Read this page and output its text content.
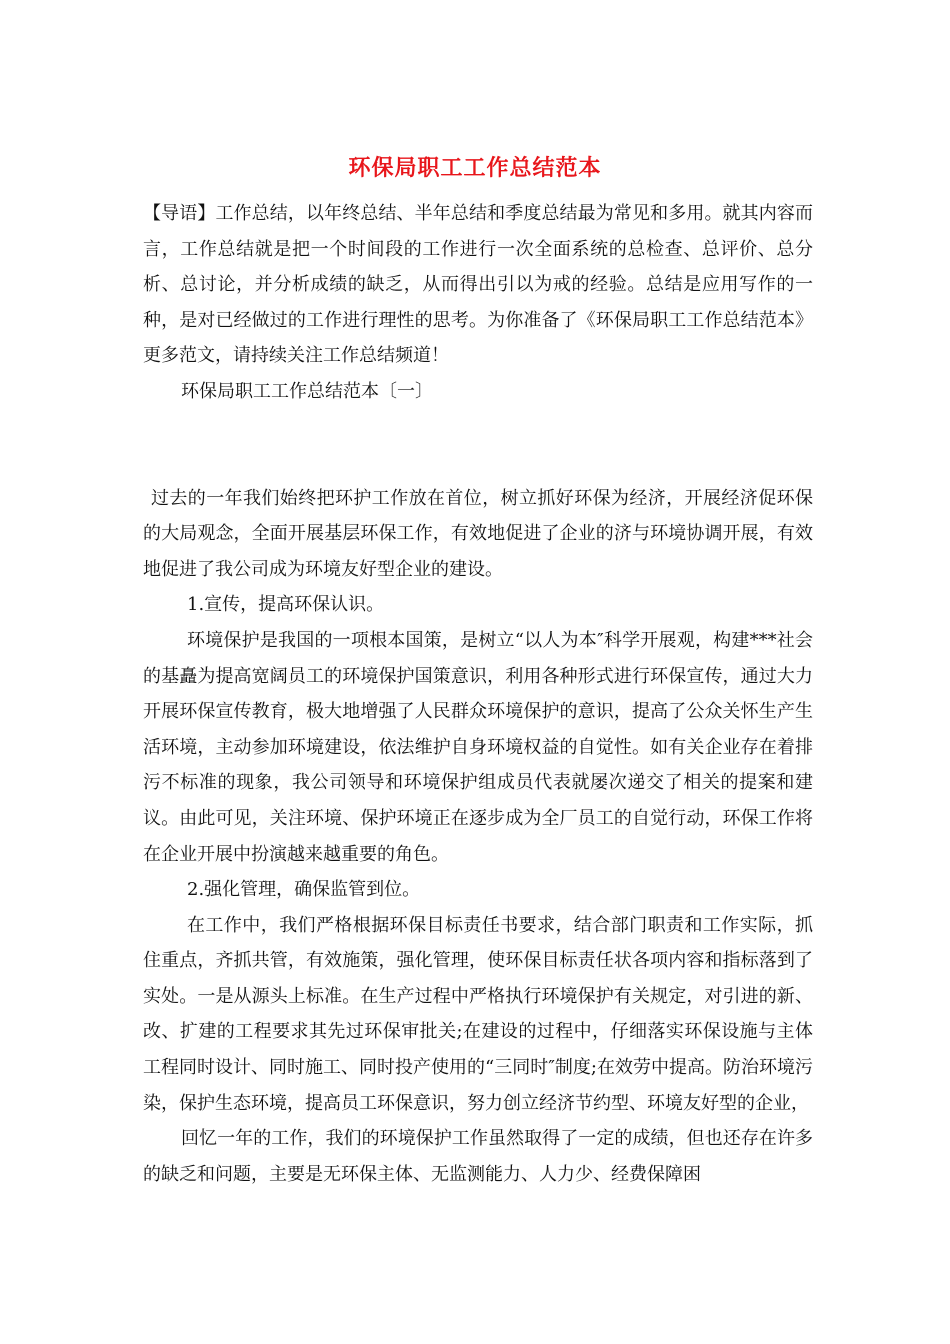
环保局职工工作总结范本

【导语】工作总结，以年终总结、半年总结和季度总结最为常见和多用。就其内容而言，工作总结就是把一个时间段的工作进行一次全面系统的总检查、总评价、总分析、总讨论，并分析成绩的缺乏，从而得出引以为戒的经验。总结是应用写作的一种，是对已经做过的工作进行理性的思考。为你准备了《环保局职工工作总结范本》更多范文，请持续关注工作总结频道！

环保局职工工作总结范本〔一〕

过去的一年我们始终把环护工作放在首位，树立抓好环保为经济，开展经济促环保的大局观念，全面开展基层环保工作，有效地促进了企业的济与环境协调开展，有效地促进了我公司成为环境友好型企业的建设。

1.宣传，提高环保认识。

环境保护是我国的一项根本国策，是树立“以人为本″科学开展观，构建***社会的基矗为提高宽阔员工的环境保护国策意识，利用各种形式进行环保宣传，通过大力开展环保宣传教育，极大地增强了人民群众环境保护的意识，提高了公众关怀生产生活环境，主动参加环境建设，依法维护自身环境权益的自觉性。如有关企业存在着排污不标准的现象，我公司领导和环境保护组成员代表就屡次递交了相关的提案和建议。由此可见，关注环境、保护环境正在逐步成为全厂员工的自觉行动，环保工作将在企业开展中扮演越来越重要的角色。

2.强化管理，确保监管到位。

在工作中，我们严格根据环保目标责任书要求，结合部门职责和工作实际，抓住重点，齐抓共管，有效施策，强化管理，使环保目标责任状各项内容和指标落到了实处。一是从源头上标准。在生产过程中严格执行环境保护有关规定，对引进的新、改、扩建的工程要求其先过环保审批关;在建设的过程中，仔细落实环保设施与主体工程同时设计、同时施工、同时投产使用的“三同时″制度;在效劳中提高。防治环境污染，保护生态环境，提高员工环保意识，努力创立经济节约型、环境友好型的企业，

回忆一年的工作，我们的环境保护工作虽然取得了一定的成绩，但也还存在许多的缺乏和问题，主要是无环保主体、无监测能力、人力少、经费保障困
